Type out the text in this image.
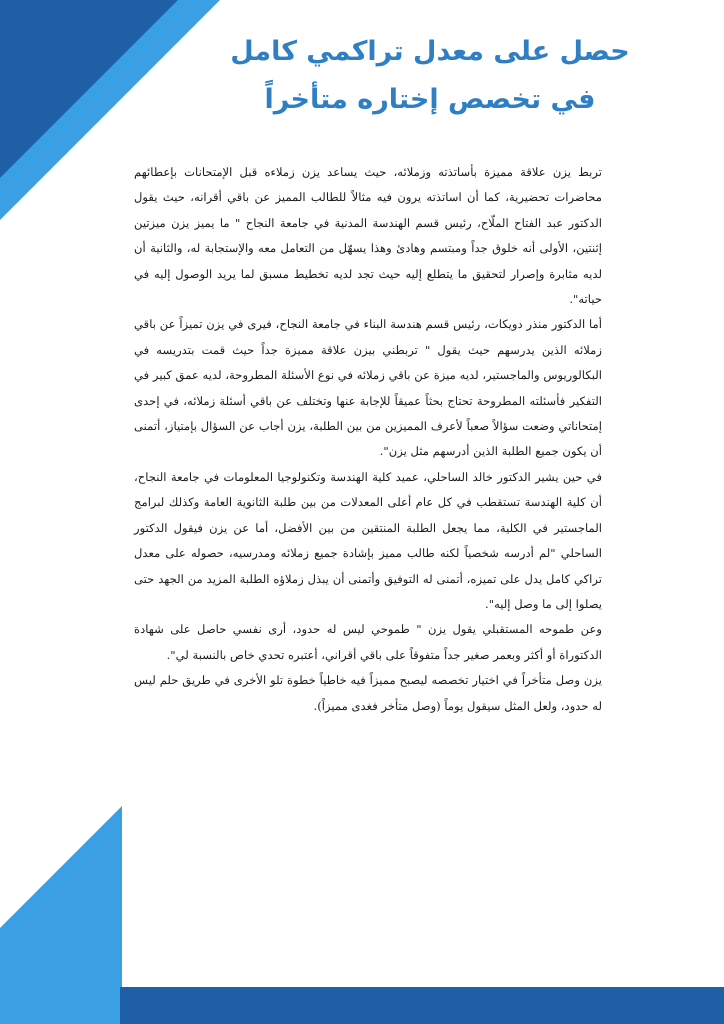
حصل على معدل تراكمي كامل
في تخصص إختاره متأخراً

تربط يزن علاقة مميزة بأساتذته وزملائه، حيث يساعد يزن زملاءه قبل الإمتحانات بإعطائهم محاضرات تحضيرية، كما أن اساتذته يرون فيه مثالاً للطالب المميز عن باقي أقرانه، حيث يقول الدكتور عبد الفتاح الملّاح، رئيس قسم الهندسة المدنية في جامعة النجاح " ما يميز يزن ميزتين إثنتين، الأولى أنه خلوق جداً ومبتسم وهادئ وهذا يسهّل من التعامل معه والإستجابة له، والثانية أن لديه مثابرة وإصرار لتحقيق ما يتطلع إليه حيث تجد لديه تخطيط مسبق لما يريد الوصول إليه في حياته".

أما الدكتور منذر دويكات، رئيس قسم هندسة البناء في جامعة النجاح، فيرى في يزن تميزاً عن باقي زملائه الذين يدرسهم حيث يقول " تربطني بيزن علاقة مميزة جداً حيث قمت بتدريسه في البكالوريوس والماجستير، لديه ميزة عن باقي زملائه في نوع الأسئلة المطروحة، لديه عمق كبير في التفكير فأسئلته المطروحة تحتاج بحثاً عميقاً للإجابة عنها وتختلف عن باقي أسئلة زملائه، في إحدى إمتحاناتي وضعت سؤالاً صعباً لأعرف المميزين من بين الطلبة، يزن أجاب عن السؤال بإمتياز، أتمنى أن يكون جميع الطلبة الذين أدرسهم مثل يزن".

في حين يشير الدكتور خالد الساحلي، عميد كلية الهندسة وتكنولوجيا المعلومات في جامعة النجاح، أن كلية الهندسة تستقطب في كل عام أعلى المعدلات من بين طلبة الثانوية العامة وكذلك لبرامج الماجستير في الكلية، مما يجعل الطلبة المنتقين من بين الأفضل، أما عن يزن فيقول الدكتور الساحلي "لم أدرسه شخصياً لكنه طالب مميز بإشادة جميع زملائه ومدرسيه، حصوله على معدل تراكي كامل يدل على تميزه، أتمنى له التوفيق وأتمنى أن يبذل زملاؤه الطلبة المزيد من الجهد حتى يصلوا إلى ما وصل إليه".

وعن طموحه المستقبلي يقول يزن " طموحي ليس له حدود، أرى نفسي حاصل على شهادة الدكتوراة أو أكثر وبعمر صغير جداً متفوقاً على باقي أقراني، أعتبره تحدي خاص بالنسبة لي".

يزن وصل متأخراً في اختيار تخصصه ليصبح مميزاً فيه خاطياً خطوة تلو الأخرى في طريق حلم ليس له حدود، ولعل المثل سيقول يوماً (وصل متأخر فغدى مميزاً).
